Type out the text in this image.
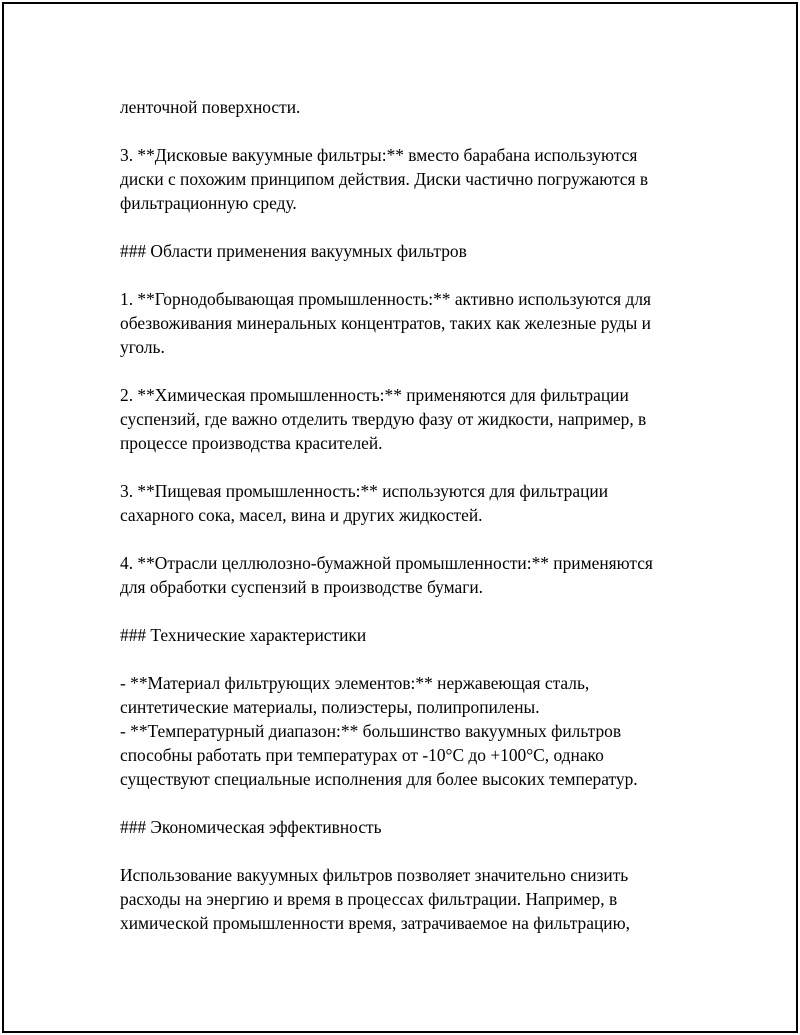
ленточной поверхности.
3. **Дисковые вакуумные фильтры:** вместо барабана используются
диски с похожим принципом действия. Диски частично погружаются в
фильтрационную среду.
### Области применения вакуумных фильтров
1. **Горнодобывающая промышленность:** активно используются для
обезвоживания минеральных концентратов, таких как железные руды и
уголь.
2. **Химическая промышленность:** применяются для фильтрации
суспензий, где важно отделить твердую фазу от жидкости, например, в
процессе производства красителей.
3. **Пищевая промышленность:** используются для фильтрации
сахарного сока, масел, вина и других жидкостей.
4. **Отрасли целлюлозно-бумажной промышленности:** применяются
для обработки суспензий в производстве бумаги.
### Технические характеристики
- **Материал фильтрующих элементов:** нержавеющая сталь,
синтетические материалы, полиэстеры, полипропилены.
- **Температурный диапазон:** большинство вакуумных фильтров
способны работать при температурах от -10°C до +100°C, однако
существуют специальные исполнения для более высоких температур.
### Экономическая эффективность
Использование вакуумных фильтров позволяет значительно снизить
расходы на энергию и время в процессах фильтрации. Например, в
химической промышленности время, затрачиваемое на фильтрацию,
